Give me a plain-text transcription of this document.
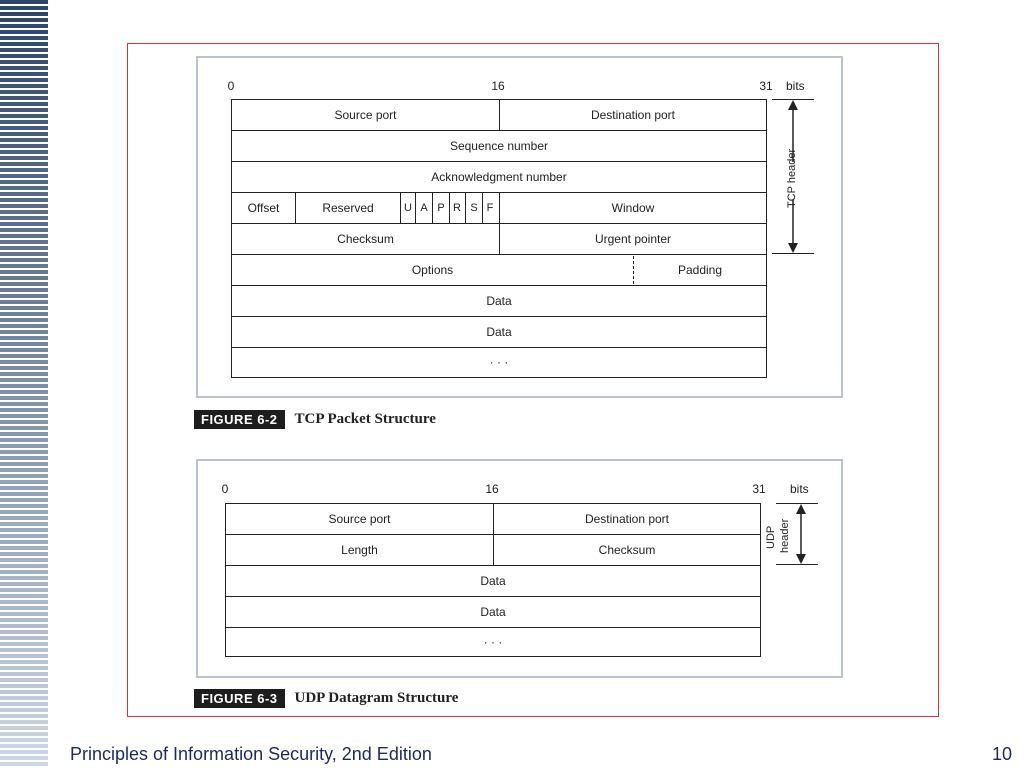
0	16	31 bits
Source port	Destination port
Sequence number
Acknowledgment number
Offset	Reserved	U A P R S F	Window
Checksum	Urgent pointer
Options	Padding
Data
Data
· · ·
TCP header
FIGURE 6-2	TCP Packet Structure
0	16	31 bits
Source port	Destination port
Length	Checksum
Data
Data
· · ·
UDP header
FIGURE 6-3	UDP Datagram Structure
Principles of Information Security, 2nd Edition	10
